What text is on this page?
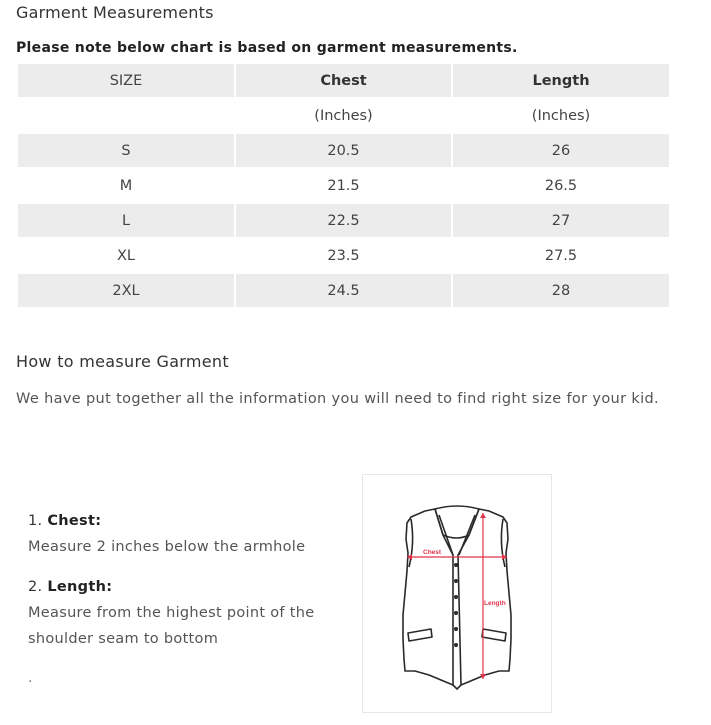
Garment Measurements
Please note below chart is based on garment measurements.
SIZE	Chest	Length
	(Inches)	(Inches)
S	20.5	26
M	21.5	26.5
L	22.5	27
XL	23.5	27.5
2XL	24.5	28
How to measure Garment
We have put together all the information you will need to find right size for your kid.
1. Chest:
Measure 2 inches below the armhole
2. Length:
Measure from the highest point of the shoulder seam to bottom
.
Chest
Length
